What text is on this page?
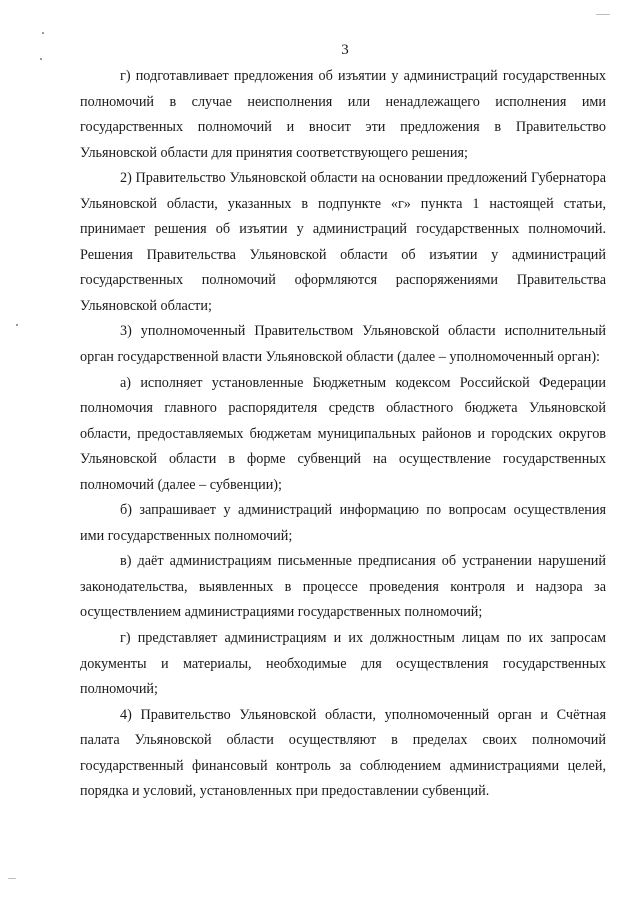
3

г) подготавливает предложения об изъятии у администраций государственных полномочий в случае неисполнения или ненадлежащего исполнения ими государственных полномочий и вносит эти предложения в Правительство Ульяновской области для принятия соответствующего решения;

2) Правительство Ульяновской области на основании предложений Губернатора Ульяновской области, указанных в подпункте «г» пункта 1 настоящей статьи, принимает решения об изъятии у администраций государственных полномочий. Решения Правительства Ульяновской области об изъятии у администраций государственных полномочий оформляются распоряжениями Правительства Ульяновской области;

3) уполномоченный Правительством Ульяновской области исполнительный орган государственной власти Ульяновской области (далее – уполномоченный орган):

а) исполняет установленные Бюджетным кодексом Российской Федерации полномочия главного распорядителя средств областного бюджета Ульяновской области, предоставляемых бюджетам муниципальных районов и городских округов Ульяновской области в форме субвенций на осуществление государственных полномочий (далее – субвенции);

б) запрашивает у администраций информацию по вопросам осуществления ими государственных полномочий;

в) даёт администрациям письменные предписания об устранении нарушений законодательства, выявленных в процессе проведения контроля и надзора за осуществлением администрациями государственных полномочий;

г) представляет администрациям и их должностным лицам по их запросам документы и материалы, необходимые для осуществления государственных полномочий;

4) Правительство Ульяновской области, уполномоченный орган и Счётная палата Ульяновской области осуществляют в пределах своих полномочий государственный финансовый контроль за соблюдением администрациями целей, порядка и условий, установленных при предоставлении субвенций.
